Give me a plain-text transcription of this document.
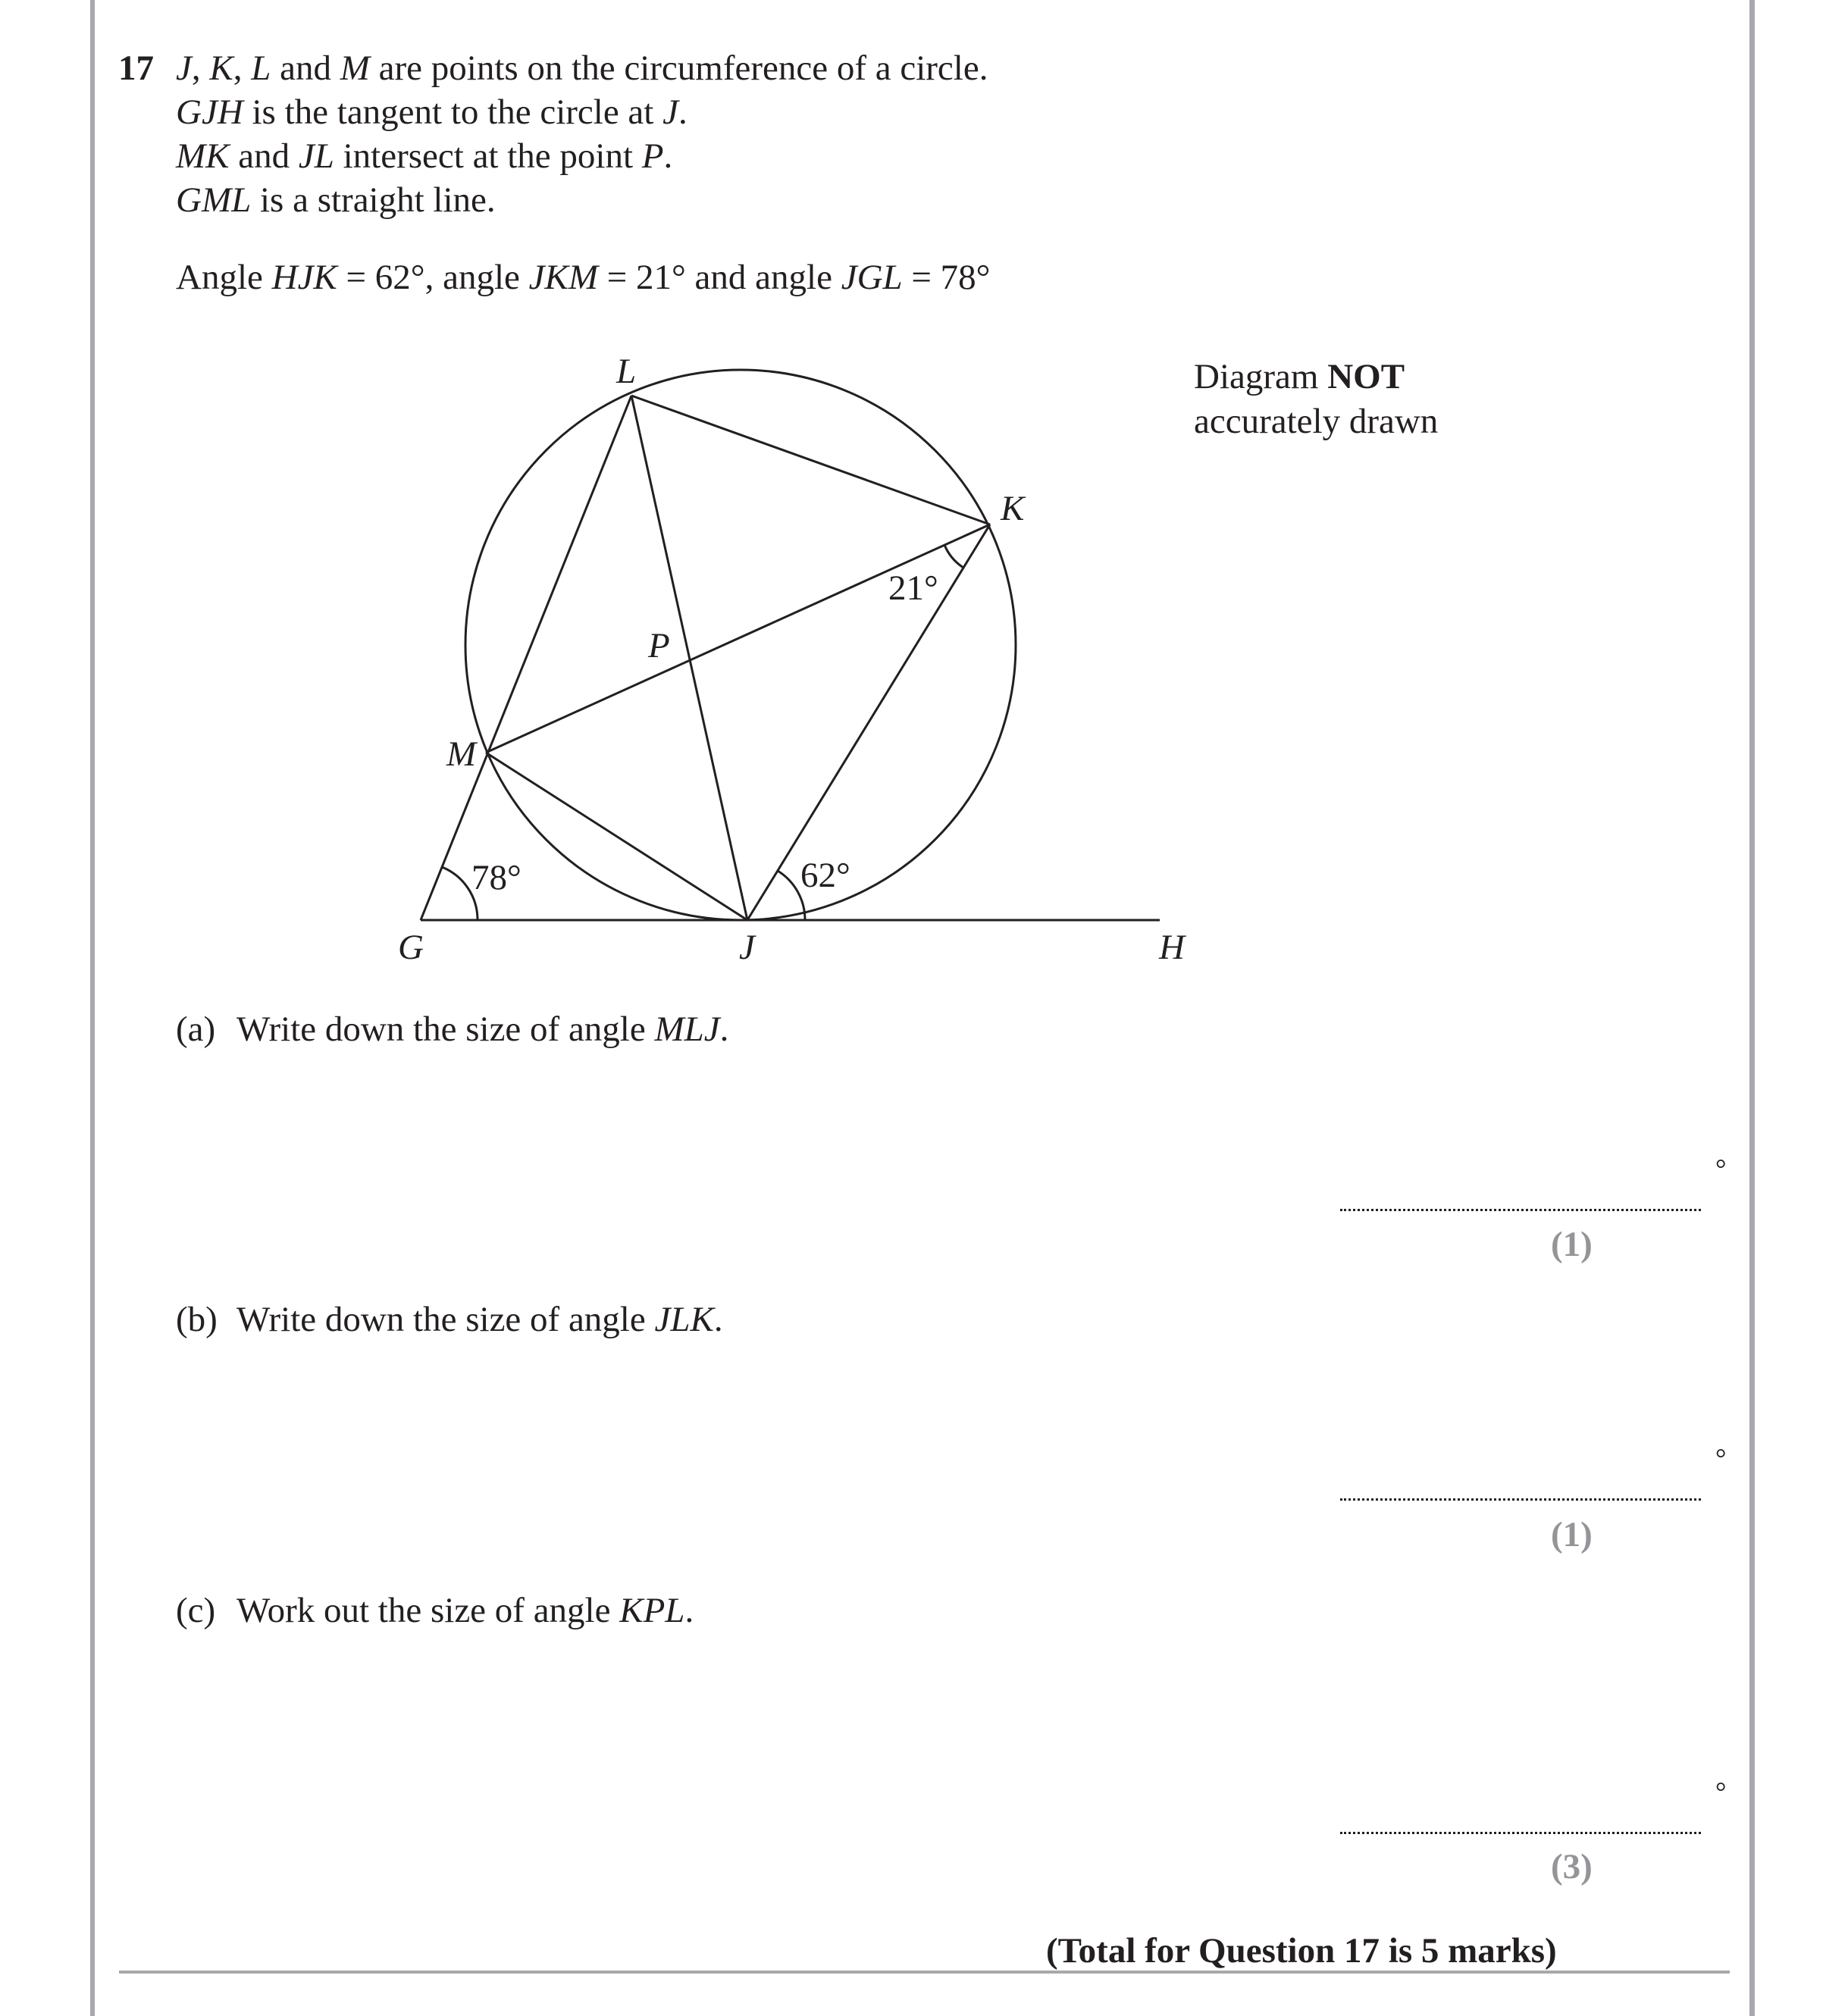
17 J, K, L and M are points on the circumference of a circle.
GJH is the tangent to the circle at J.
MK and JL intersect at the point P.
GML is a straight line.
Angle HJK = 62°, angle JKM = 21° and angle JGL = 78°
L
K
M
P
G	J	H
78°	62°
21°
Diagram NOT
accurately drawn
(a) Write down the size of angle MLJ.
°
(1)
(b) Write down the size of angle JLK.
°
(1)
(c) Work out the size of angle KPL.
°
(3)
(Total for Question 17 is 5 marks)
